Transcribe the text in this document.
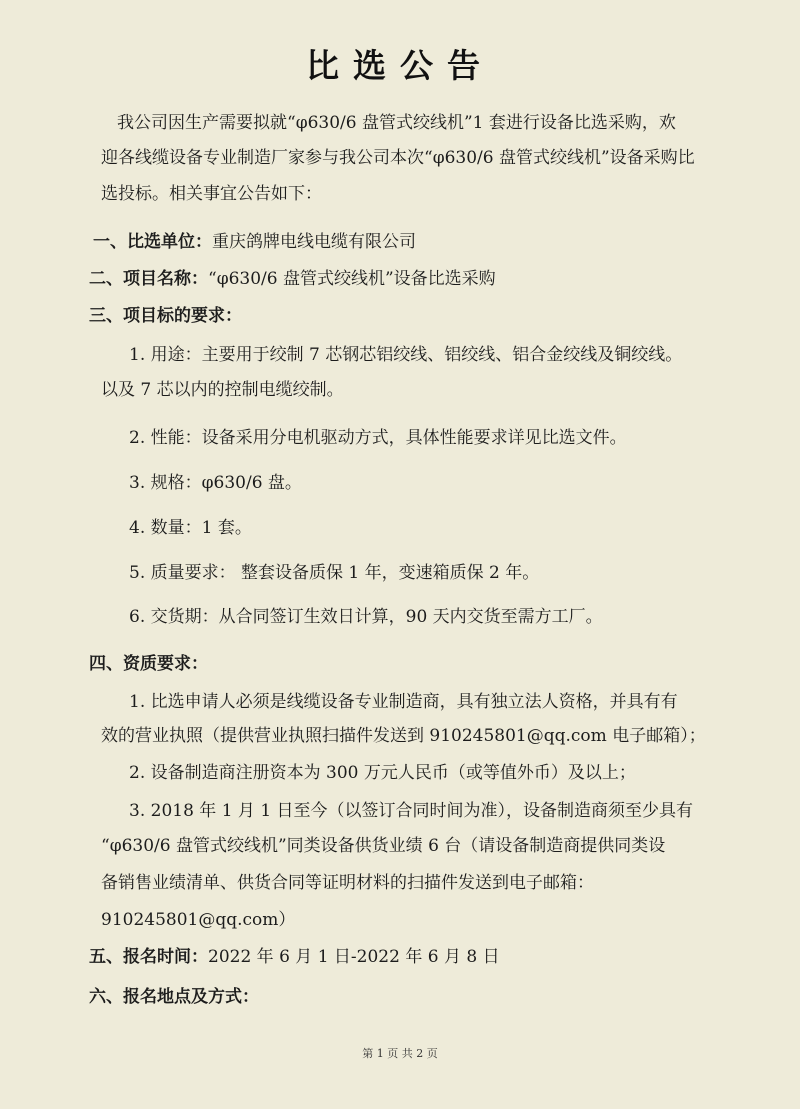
比选公告
我公司因生产需要拟就“φ630/6 盘管式绞线机”1 套进行设备比选采购，欢
迎各线缆设备专业制造厂家参与我公司本次“φ630/6 盘管式绞线机”设备采购比
选投标。相关事宜公告如下：
一、比选单位：重庆鸽牌电线电缆有限公司
二、项目名称：“φ630/6 盘管式绞线机”设备比选采购
三、项目标的要求：
1. 用途：主要用于绞制 7 芯钢芯铝绞线、铝绞线、铝合金绞线及铜绞线。
以及 7 芯以内的控制电缆绞制。
2. 性能：设备采用分电机驱动方式，具体性能要求详见比选文件。
3. 规格：φ630/6 盘。
4. 数量：1 套。
5. 质量要求： 整套设备质保 1 年，变速箱质保 2 年。
6. 交货期：从合同签订生效日计算，90 天内交货至需方工厂。
四、资质要求：
1. 比选申请人必须是线缆设备专业制造商，具有独立法人资格，并具有有
效的营业执照（提供营业执照扫描件发送到 910245801@qq.com 电子邮箱）；
2. 设备制造商注册资本为 300 万元人民币（或等值外币）及以上；
3. 2018 年 1 月 1 日至今（以签订合同时间为准），设备制造商须至少具有
“φ630/6 盘管式绞线机”同类设备供货业绩 6 台（请设备制造商提供同类设
备销售业绩清单、供货合同等证明材料的扫描件发送到电子邮箱：
910245801@qq.com）
五、报名时间：2022 年 6 月 1 日-2022 年 6 月 8 日
六、报名地点及方式：
第 1 页 共 2 页
